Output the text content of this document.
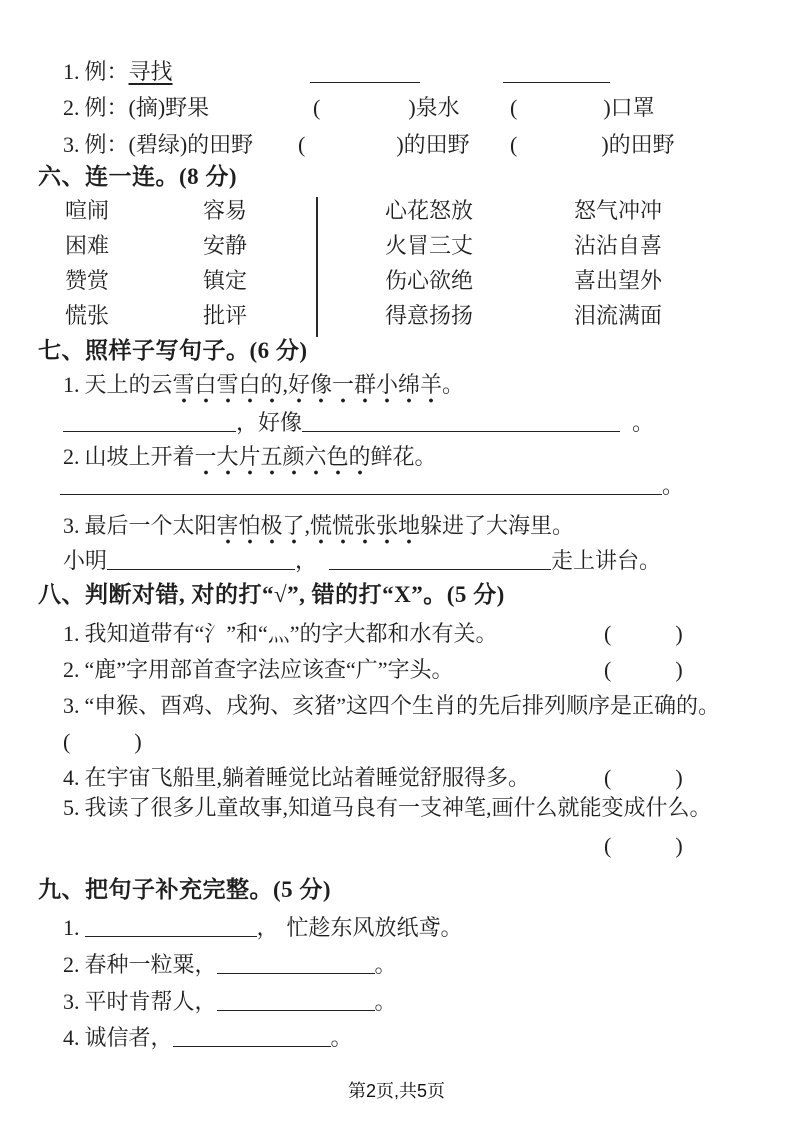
1. 例：寻找
2. 例：(摘)野果	(	)泉水 (	)口罩
3. 例：(碧绿)的田野 (	)的田野 (	)的田野
六、连一连。(8 分)
喧闹	容易	心花怒放	怒气冲冲
困难	安静	火冒三丈	沾沾自喜
赞赏	镇定	伤心欲绝	喜出望外
慌张	批评	得意扬扬	泪流满面
七、照样子写句子。(6 分)
1. 天上的云雪白雪白的,好像一群小绵羊。
，好像	。
2. 山坡上开着一大片五颜六色的鲜花。
。
3. 最后一个太阳害怕极了,慌慌张张地躲进了大海里。
小明	，	走上讲台。
八、判断对错, 对的打“√”, 错的打“X”。(5 分)
1. 我知道带有“氵”和“灬”的字大都和水有关。	(	)
2. “鹿”字用部首查字法应该查“广”字头。	(	)
3. “申猴、酉鸡、戌狗、亥猪”这四个生肖的先后排列顺序是正确的。
(	)
4. 在宇宙飞船里,躺着睡觉比站着睡觉舒服得多。	(	)
5. 我读了很多儿童故事,知道马良有一支神笔,画什么就能变成什么。
(	)
九、把句子补充完整。(5 分)
1.	， 忙趁东风放纸鸢。
2. 春种一粒粟，	。
3. 平时肯帮人，	。
4. 诚信者，	。
第2页,共5页
